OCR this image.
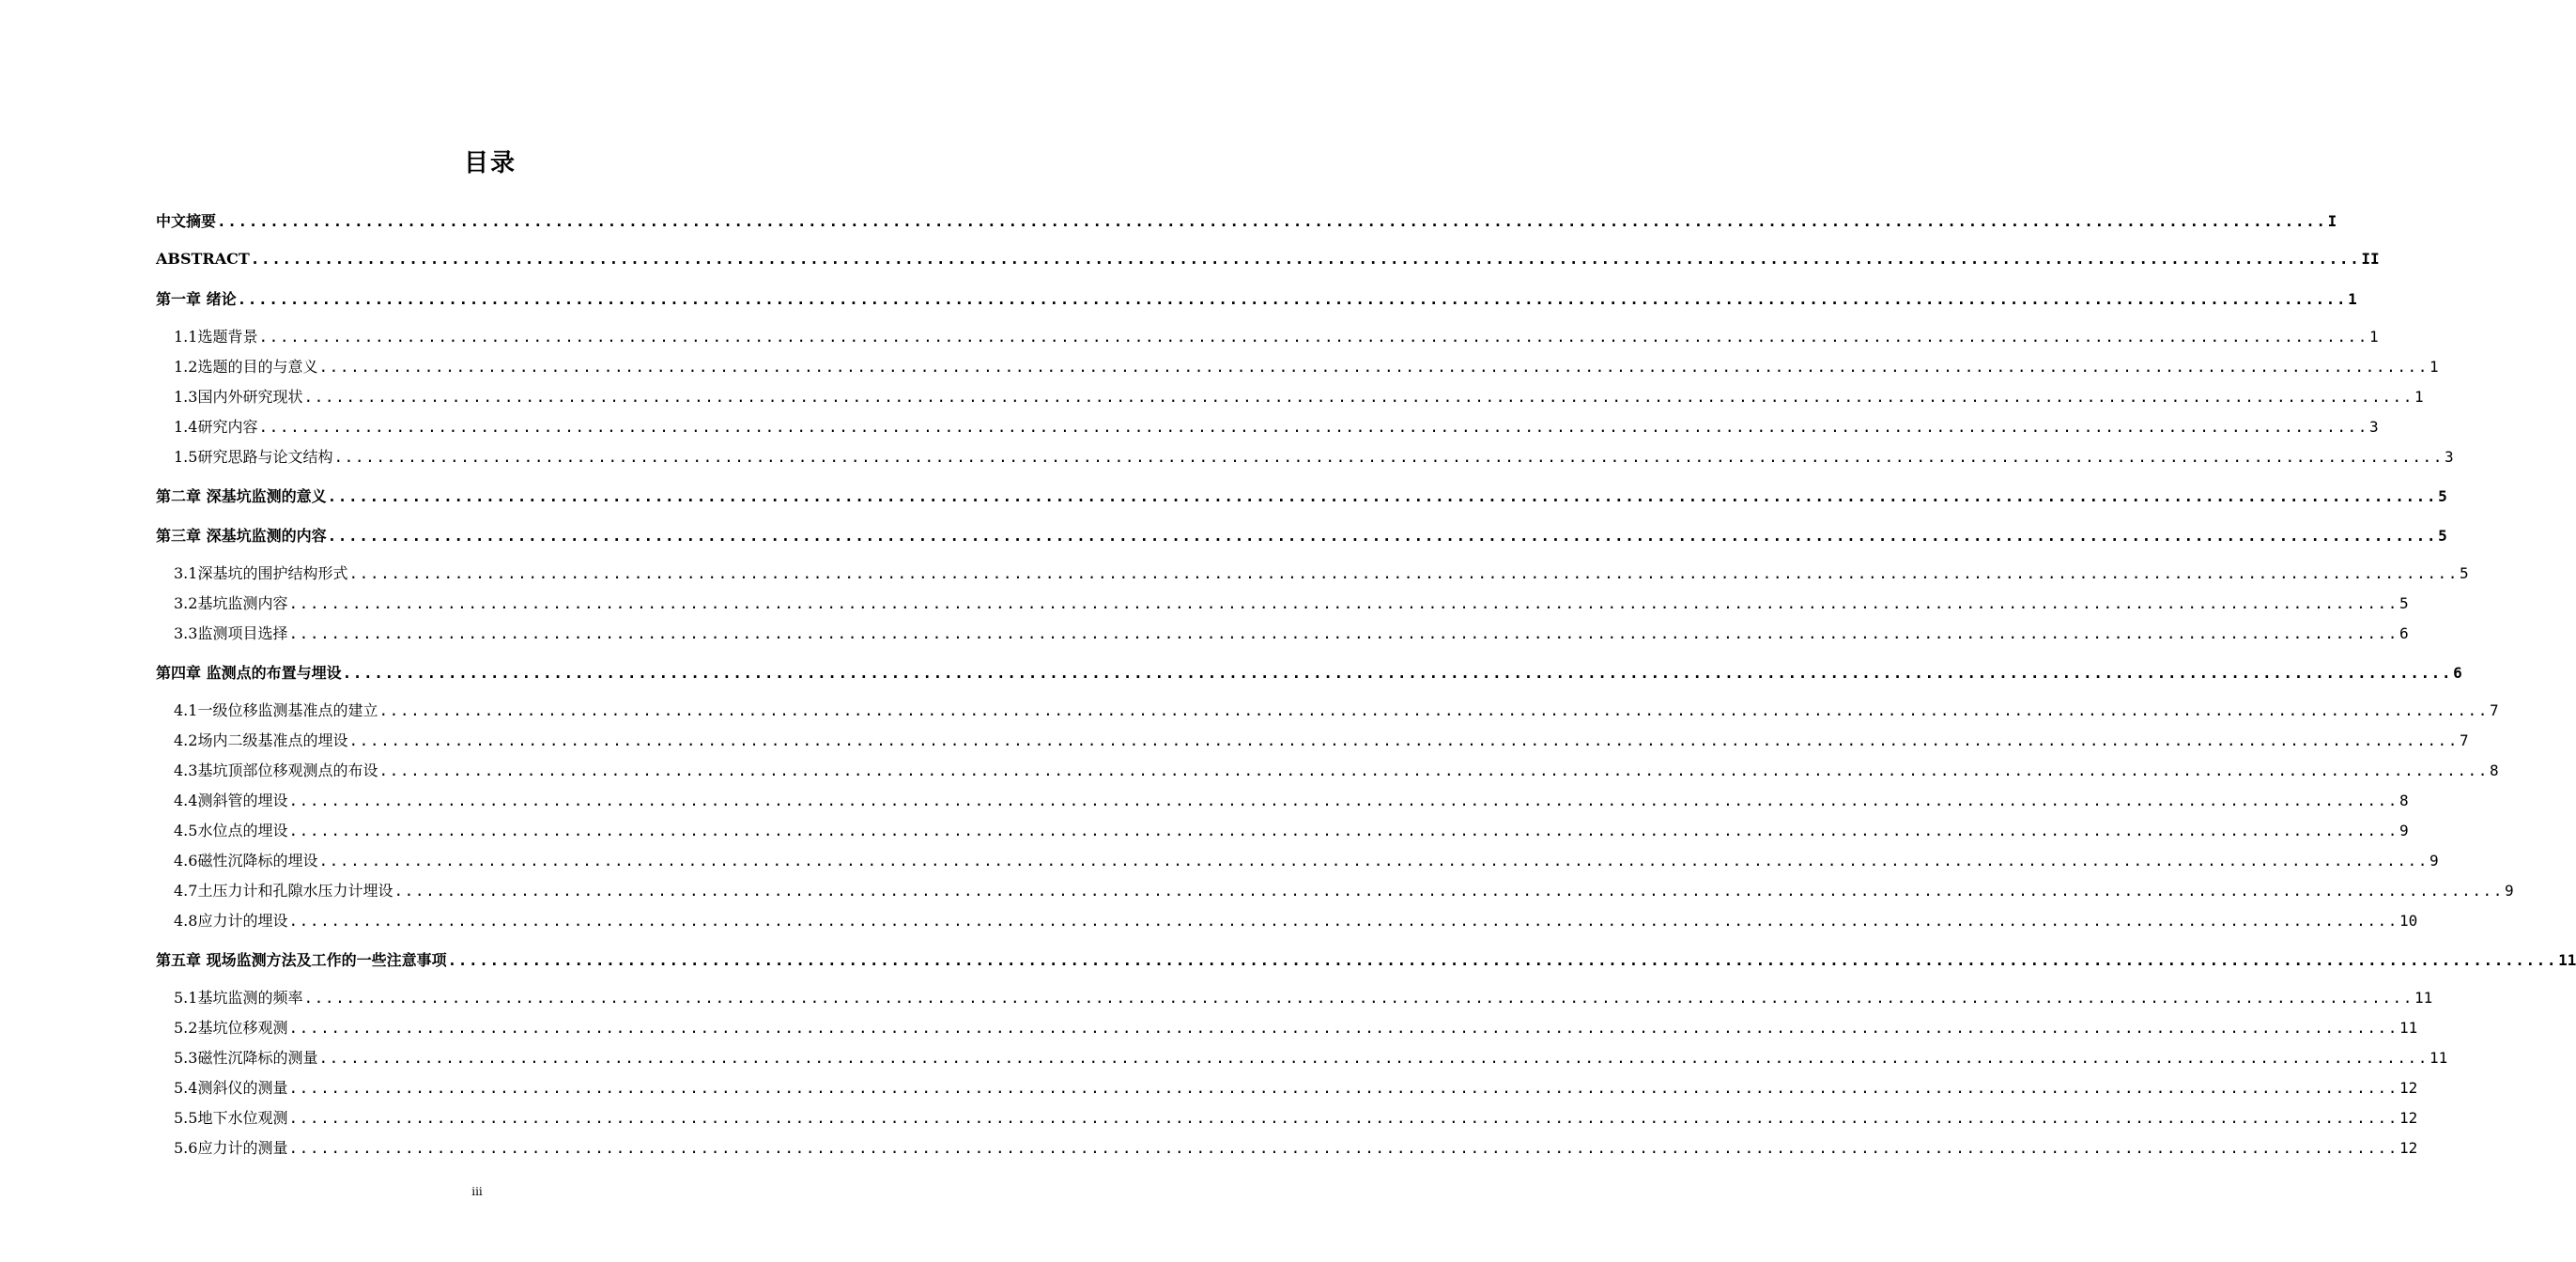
目录
中文摘要 ........................................................................................................................................................................................................ I
ABSTRACT ........................................................................................................................................................................................................ II
第一章 绪论 ........................................................................................................................................................................................................ 1
1.1选题背景 ........................................................................................................................................................................................................ 1
1.2选题的目的与意义 ........................................................................................................................................................................................................ 1
1.3国内外研究现状 ........................................................................................................................................................................................................ 1
1.4研究内容 ........................................................................................................................................................................................................ 3
1.5研究思路与论文结构 ........................................................................................................................................................................................................ 3
第二章 深基坑监测的意义 ........................................................................................................................................................................................................ 5
第三章 深基坑监测的内容 ........................................................................................................................................................................................................ 5
3.1深基坑的围护结构形式 ........................................................................................................................................................................................................ 5
3.2基坑监测内容 ........................................................................................................................................................................................................ 5
3.3监测项目选择 ........................................................................................................................................................................................................ 6
第四章 监测点的布置与埋设 ........................................................................................................................................................................................................ 6
4.1一级位移监测基准点的建立 ........................................................................................................................................................................................................ 7
4.2场内二级基准点的埋设 ........................................................................................................................................................................................................ 7
4.3基坑顶部位移观测点的布设 ........................................................................................................................................................................................................ 8
4.4测斜管的埋设 ........................................................................................................................................................................................................ 8
4.5水位点的埋设 ........................................................................................................................................................................................................ 9
4.6磁性沉降标的埋设 ........................................................................................................................................................................................................ 9
4.7土压力计和孔隙水压力计埋设 ........................................................................................................................................................................................................ 9
4.8应力计的埋设 ........................................................................................................................................................................................................ 10
第五章 现场监测方法及工作的一些注意事项 ........................................................................................................................................................................................................ 11
5.1基坑监测的频率 ........................................................................................................................................................................................................ 11
5.2基坑位移观测 ........................................................................................................................................................................................................ 11
5.3磁性沉降标的测量 ........................................................................................................................................................................................................ 11
5.4测斜仪的测量 ........................................................................................................................................................................................................ 12
5.5地下水位观测 ........................................................................................................................................................................................................ 12
5.6应力计的测量 ........................................................................................................................................................................................................ 12
iii
